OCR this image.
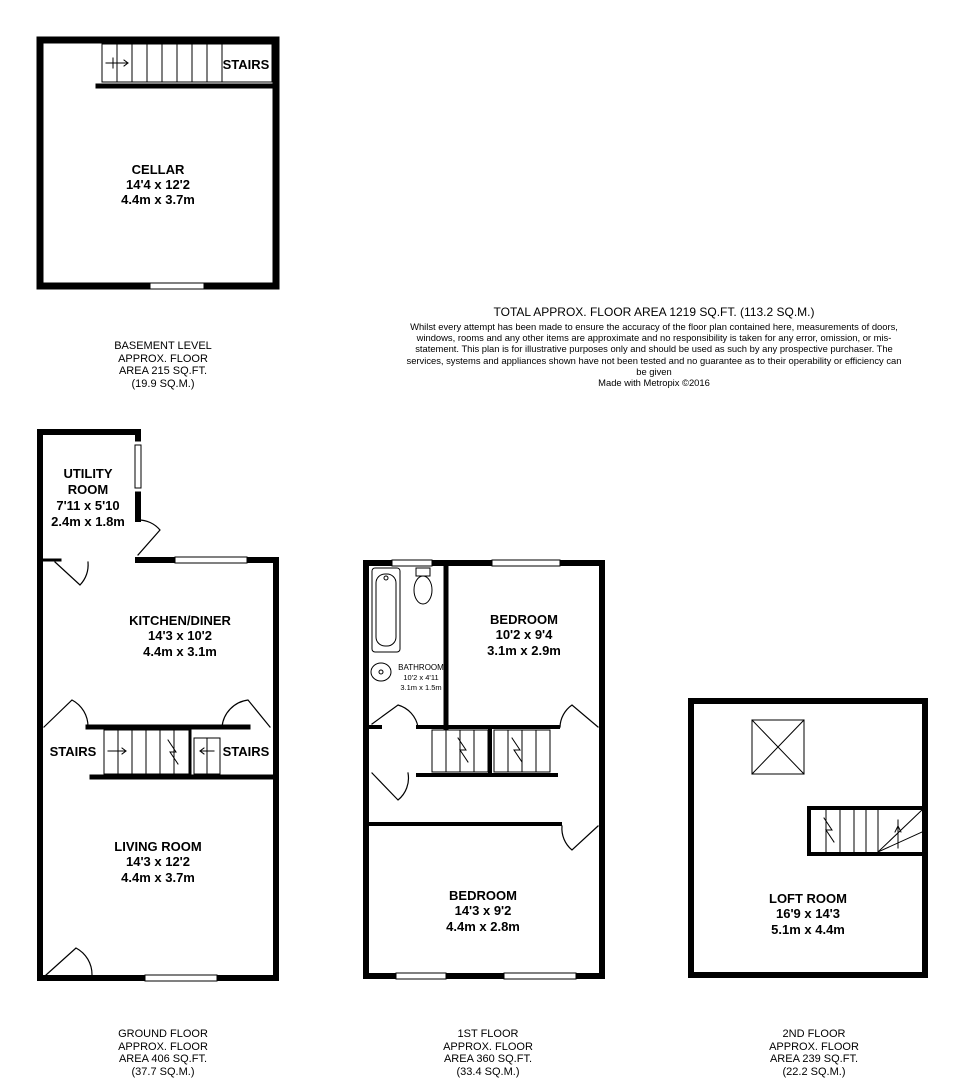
CELLAR
14'4 x 12'2
4.4m x 3.7m
STAIRS
UTILITY
ROOM
7'11 x 5'10
2.4m x 1.8m
KITCHEN/DINER
14'3 x 10'2
4.4m x 3.1m
STAIRS	STAIRS
LIVING ROOM
14'3 x 12'2
4.4m x 3.7m
BEDROOM
10'2 x 9'4
3.1m x 2.9m
BATHROOM
10'2 x 4'11
3.1m x 1.5m
BEDROOM
14'3 x 9'2
4.4m x 2.8m
LOFT ROOM
16'9 x 14'3
5.1m x 4.4m
BASEMENT LEVEL
APPROX. FLOOR
AREA 215 SQ.FT.
(19.9 SQ.M.)
GROUND FLOOR
APPROX. FLOOR
AREA 406 SQ.FT.
(37.7 SQ.M.)
1ST FLOOR
APPROX. FLOOR
AREA 360 SQ.FT.
(33.4 SQ.M.)
2ND FLOOR
APPROX. FLOOR
AREA 239 SQ.FT.
(22.2 SQ.M.)
TOTAL APPROX. FLOOR AREA 1219 SQ.FT. (113.2 SQ.M.)
Whilst every attempt has been made to ensure the accuracy of the floor plan contained here, measurements of doors, windows, rooms and any other items are approximate and no responsibility is taken for any error, omission, or mis-statement. This plan is for illustrative purposes only and should be used as such by any prospective purchaser. The services, systems and appliances shown have not been tested and no guarantee as to their operability or efficiency can be given
Made with Metropix ©2016
